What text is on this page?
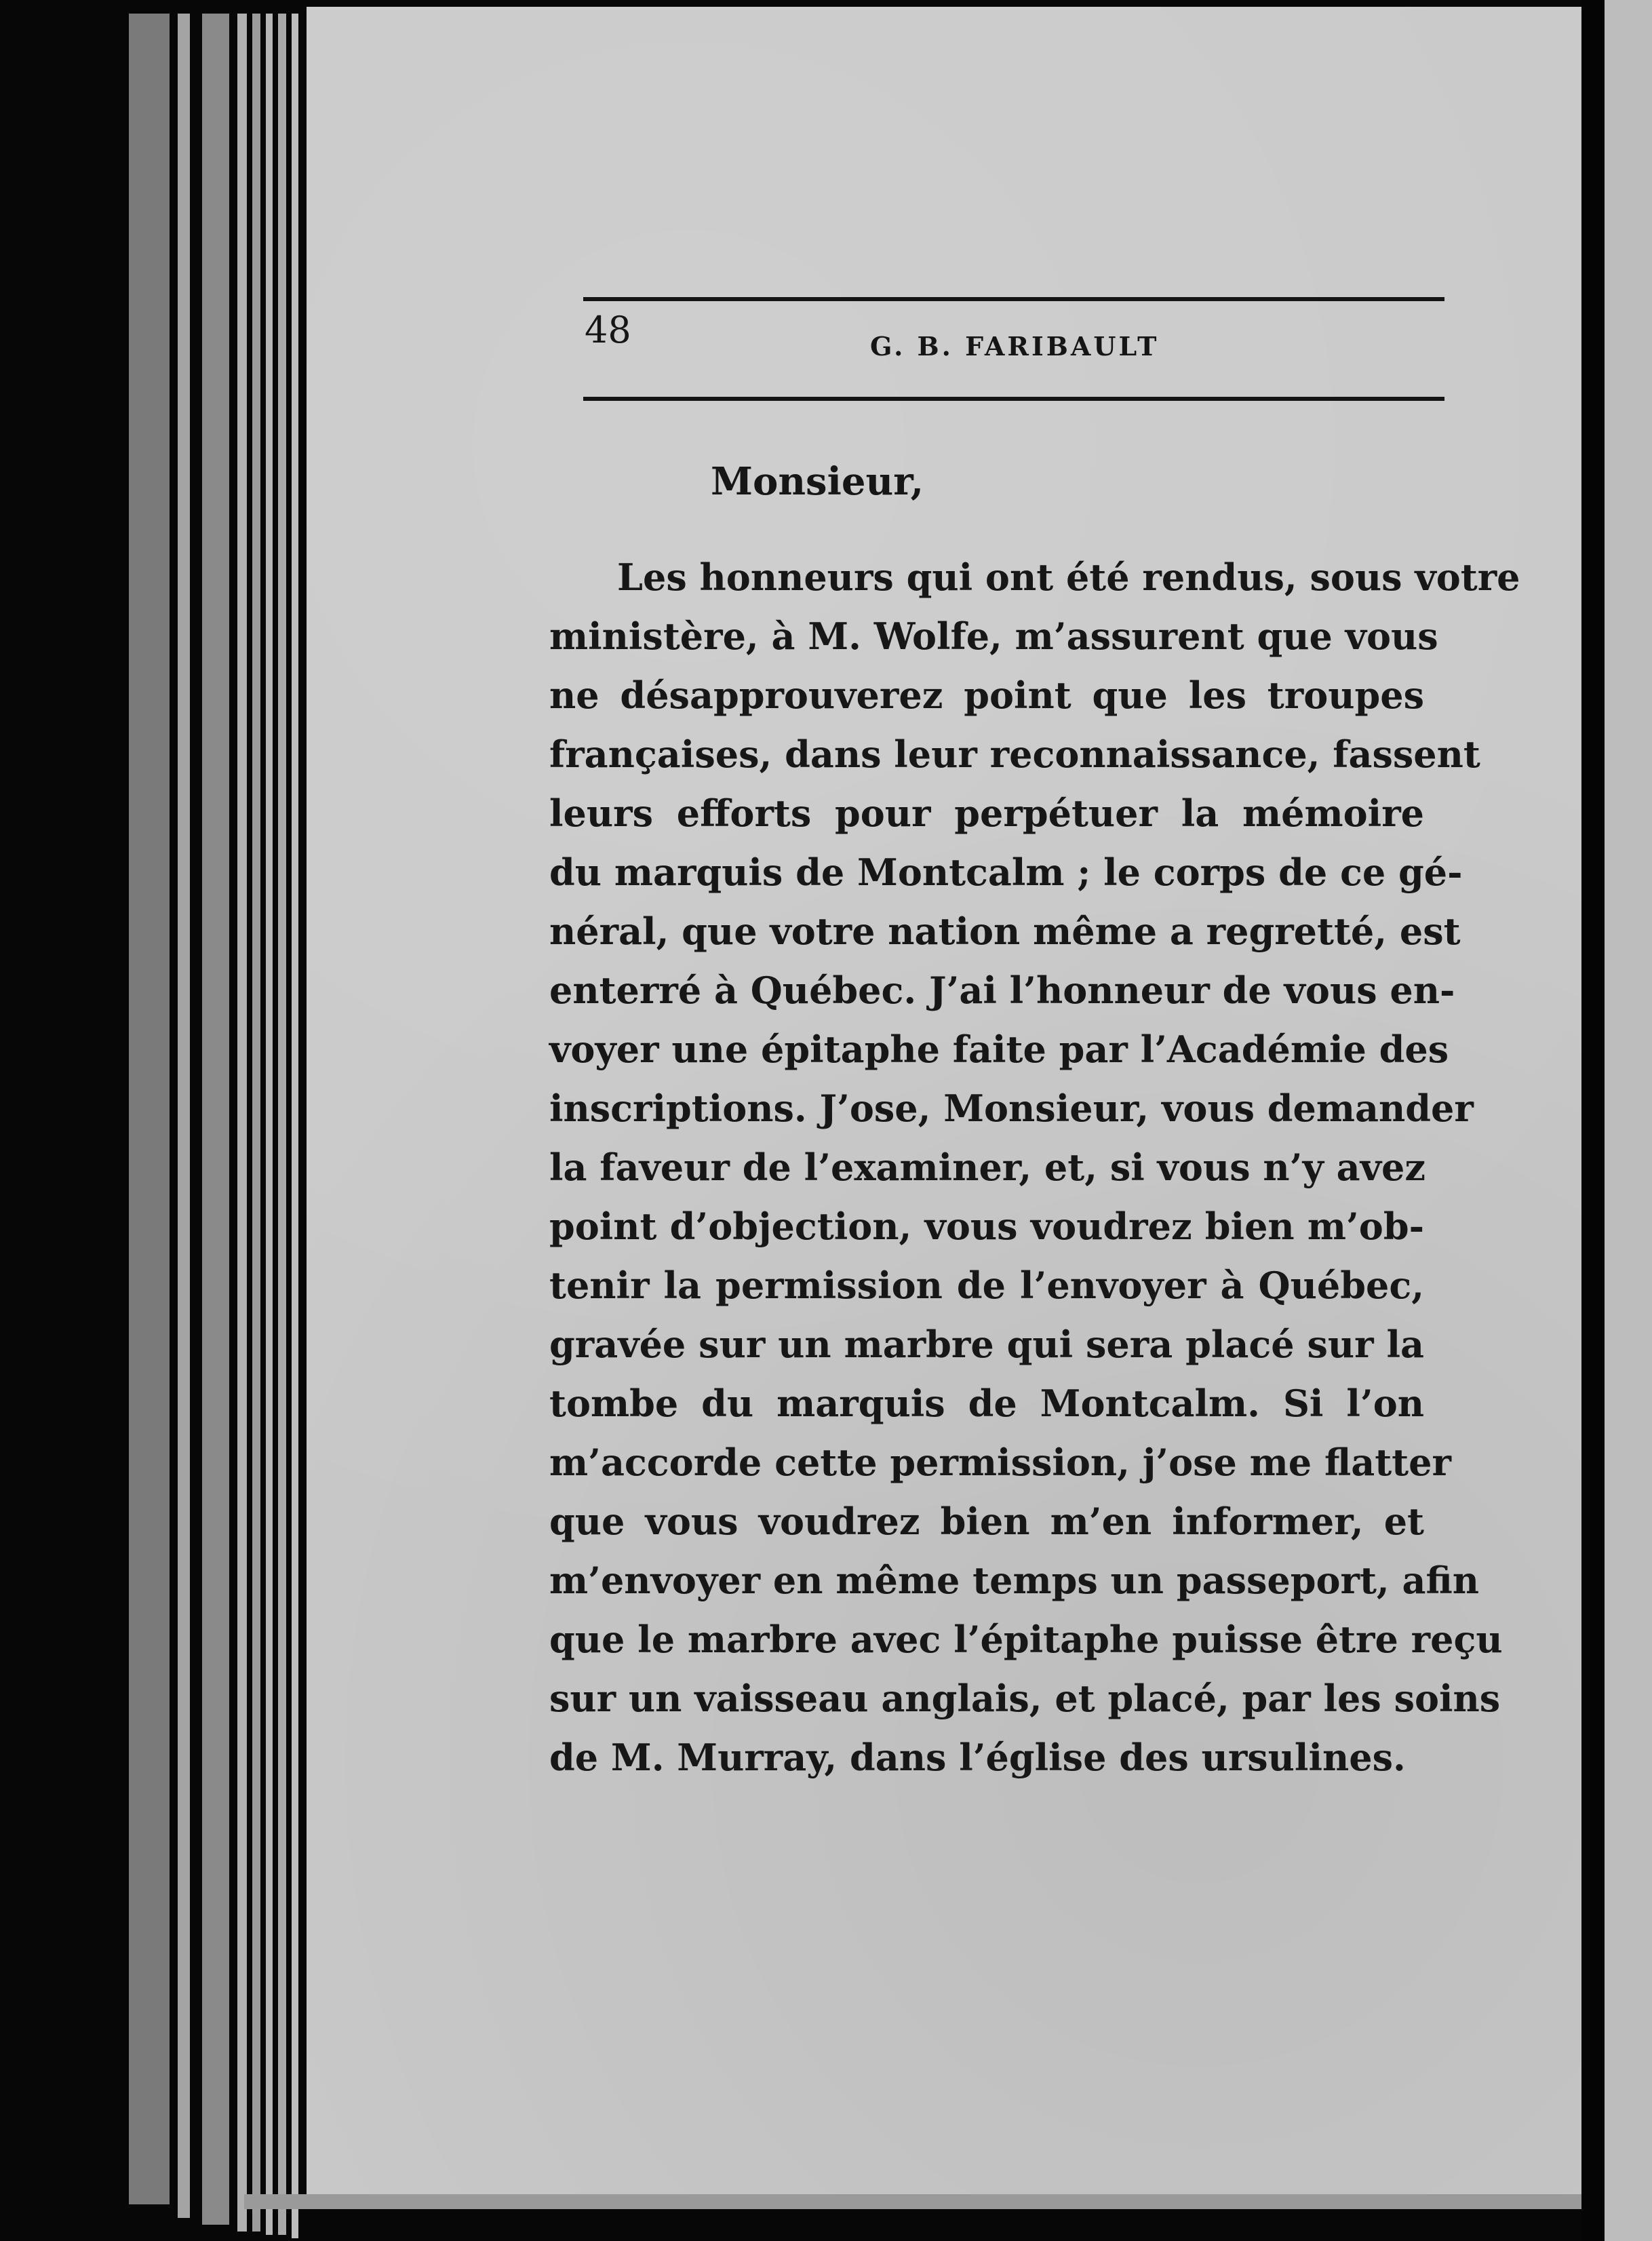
48	G. B. FARIBAULT
Monsieur,
Les honneurs qui ont été rendus, sous votre
ministère, à M. Wolfe, m’assurent que vous
ne désapprouverez point que les troupes
françaises, dans leur reconnaissance, fassent
leurs efforts pour perpétuer la mémoire
du marquis de Montcalm ; le corps de ce gé-
néral, que votre nation même a regretté, est
enterré à Québec. J’ai l’honneur de vous en-
voyer une épitaphe faite par l’Académie des
inscriptions. J’ose, Monsieur, vous demander
la faveur de l’examiner, et, si vous n’y avez
point d’objection, vous voudrez bien m’ob-
tenir la permission de l’envoyer à Québec,
gravée sur un marbre qui sera placé sur la
tombe du marquis de Montcalm. Si l’on
m’accorde cette permission, j’ose me flatter
que vous voudrez bien m’en informer, et
m’envoyer en même temps un passeport, afin
que le marbre avec l’épitaphe puisse être reçu
sur un vaisseau anglais, et placé, par les soins
de M. Murray, dans l’église des ursulines.
